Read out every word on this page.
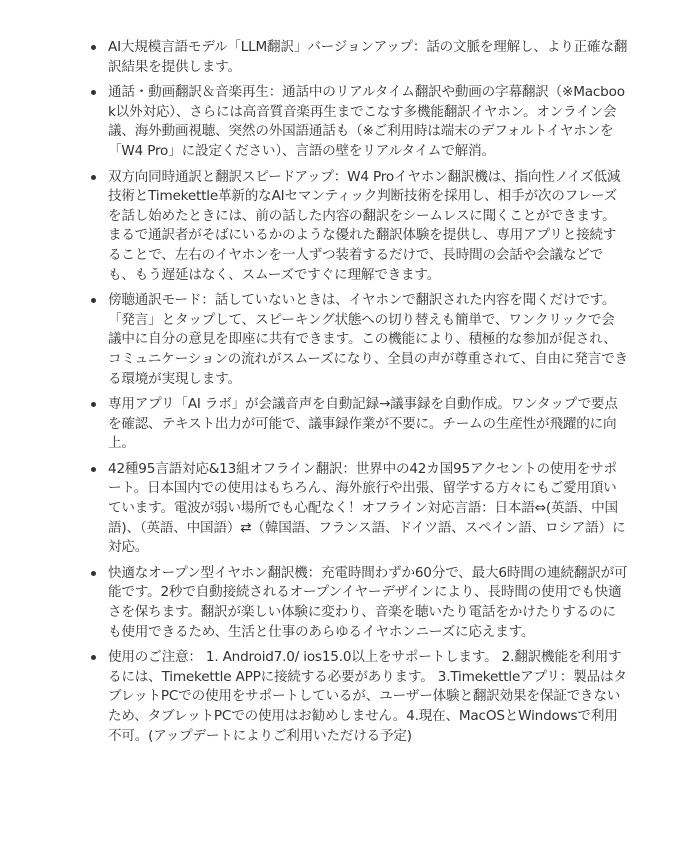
AI大規模言語モデル「LLM翻訳」バージョンアップ：話の文脈を理解し、より正確な翻訳結果を提供します。
通話・動画翻訳＆音楽再生：通話中のリアルタイム翻訳や動画の字幕翻訳（※Macbook以外対応）、さらには高音質音楽再生までこなす多機能翻訳イヤホン。オンライン会議、海外動画視聴、突然の外国語通話も（※ご利用時は端末のデフォルトイヤホンを「W4 Pro」に設定ください）、言語の壁をリアルタイムで解消。
双方向同時通訳と翻訳スピードアップ：W4 Proイヤホン翻訳機は、指向性ノイズ低減技術とTimekettle革新的なAIセマンティック判断技術を採用し、相手が次のフレーズを話し始めたときには、前の話した内容の翻訳をシームレスに聞くことができます。まるで通訳者がそばにいるかのような優れた翻訳体験を提供し、専用アプリと接続することで、左右のイヤホンを一人ずつ装着するだけで、長時間の会話や会議などでも、もう遅延はなく、スムーズですぐに理解できます。
傍聴通訳モード：話していないときは、イヤホンで翻訳された内容を聞くだけです。「発言」とタップして、スピーキング状態への切り替えも簡単で、ワンクリックで会議中に自分の意見を即座に共有できます。この機能により、積極的な参加が促され、コミュニケーションの流れがスムーズになり、全員の声が尊重されて、自由に発言できる環境が実現します。
専用アプリ「AI ラボ」が会議音声を自動記録→議事録を自動作成。ワンタップで要点を確認、テキスト出力が可能で、議事録作業が不要に。チームの生産性が飛躍的に向上。
42種95言語対応&13組オフライン翻訳：世界中の42カ国95アクセントの使用をサポート。日本国内での使用はもちろん、海外旅行や出張、留学する方々にもご愛用頂いています。電波が弱い場所でも心配なく！オフライン対応言語：日本語⇔(英語、中国語)、（英語、中国語）⇄（韓国語、フランス語、ドイツ語、スペイン語、ロシア語）に対応。
快適なオープン型イヤホン翻訳機：充電時間わずか60分で、最大6時間の連続翻訳が可能です。2秒で自動接続されるオープンイヤーデザインにより、長時間の使用でも快適さを保ちます。翻訳が楽しい体験に変わり、音楽を聴いたり電話をかけたりするのにも使用できるため、生活と仕事のあらゆるイヤホンニーズに応えます。
使用のご注意： 1. Android7.0/ ios15.0以上をサポートします。 2.翻訳機能を利用するには、Timekettle APPに接続する必要があります。 3.Timekettleアプリ：製品はタブレットPCでの使用をサポートしているが、ユーザー体験と翻訳効果を保証できないため、タブレットPCでの使用はお勧めしません。4.現在、MacOSとWindowsで利用不可。(アップデートによりご利用いただける予定)
